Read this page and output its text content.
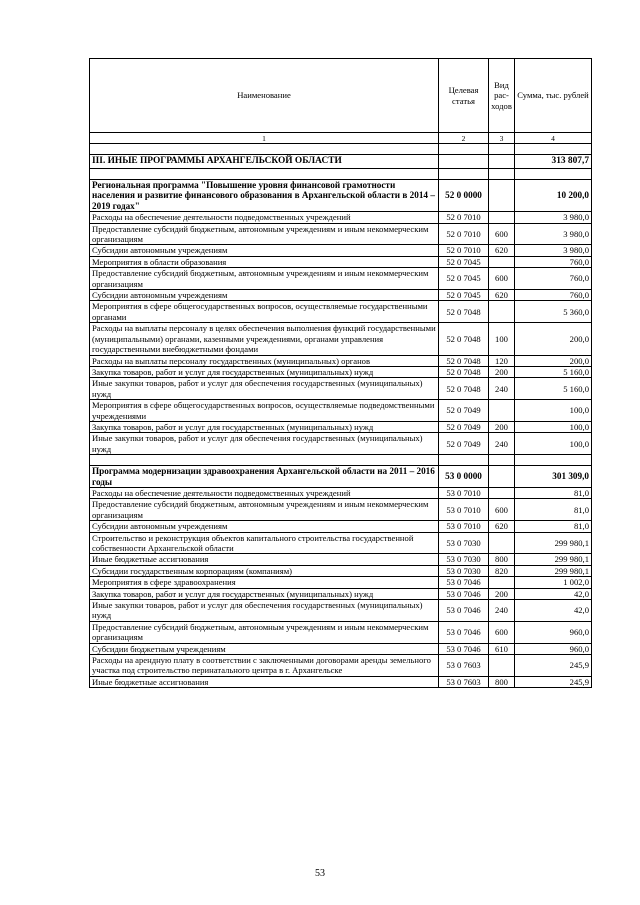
Наименование	Целевая статья	Вид рас-ходов	Сумма, тыс. рублей
1	2	3	4

III. ИНЫЕ ПРОГРАММЫ АРХАНГЕЛЬСКОЙ ОБЛАСТИ			313 807,7

Региональная программа "Повышение уровня финансовой грамотности населения и развитие финансового образования в Архангельской области в 2014 – 2019 годах"	52 0 0000		10 200,0
Расходы на обеспечение деятельности подведомственных учреждений	52 0 7010		3 980,0
Предоставление субсидий бюджетным, автономным учреждениям и иным некоммерческим организациям	52 0 7010	600	3 980,0
Субсидии автономным учреждениям	52 0 7010	620	3 980,0
Мероприятия в области образования	52 0 7045		760,0
Предоставление субсидий бюджетным, автономным учреждениям и иным некоммерческим организациям	52 0 7045	600	760,0
Субсидии автономным учреждениям	52 0 7045	620	760,0
Мероприятия в сфере общегосударственных вопросов, осуществляемые государственными органами	52 0 7048		5 360,0
Расходы на выплаты персоналу в целях обеспечения выполнения функций государственными (муниципальными) органами, казенными учреждениями, органами управления государственными внебюджетными фондами	52 0 7048	100	200,0
Расходы на выплаты персоналу государственных (муниципальных) органов	52 0 7048	120	200,0
Закупка товаров, работ и услуг для государственных (муниципальных) нужд	52 0 7048	200	5 160,0
Иные закупки товаров, работ и услуг для обеспечения государственных (муниципальных) нужд	52 0 7048	240	5 160,0
Мероприятия в сфере общегосударственных вопросов, осуществляемые подведомственными учреждениями	52 0 7049		100,0
Закупка товаров, работ и услуг для государственных (муниципальных) нужд	52 0 7049	200	100,0
Иные закупки товаров, работ и услуг для обеспечения государственных (муниципальных) нужд	52 0 7049	240	100,0

Программа модернизации здравоохранения Архангельской области на 2011 – 2016 годы	53 0 0000		301 309,0
Расходы на обеспечение деятельности подведомственных учреждений	53 0 7010		81,0
Предоставление субсидий бюджетным, автономным учреждениям и иным некоммерческим организациям	53 0 7010	600	81,0
Субсидии автономным учреждениям	53 0 7010	620	81,0
Строительство и реконструкция объектов капитального строительства государственной собственности Архангельской области	53 0 7030		299 980,1
Иные бюджетные ассигнования	53 0 7030	800	299 980,1
Субсидии государственным корпорациям (компаниям)	53 0 7030	820	299 980,1
Мероприятия в сфере здравоохранения	53 0 7046		1 002,0
Закупка товаров, работ и услуг для государственных (муниципальных) нужд	53 0 7046	200	42,0
Иные закупки товаров, работ и услуг для обеспечения государственных (муниципальных) нужд	53 0 7046	240	42,0
Предоставление субсидий бюджетным, автономным учреждениям и иным некоммерческим организациям	53 0 7046	600	960,0
Субсидии бюджетным учреждениям	53 0 7046	610	960,0
Расходы на арендную плату в соответствии с заключенными договорами аренды земельного участка под строительство перинатального центра в г. Архангельске	53 0 7603		245,9
Иные бюджетные ассигнования	53 0 7603	800	245,9
53
